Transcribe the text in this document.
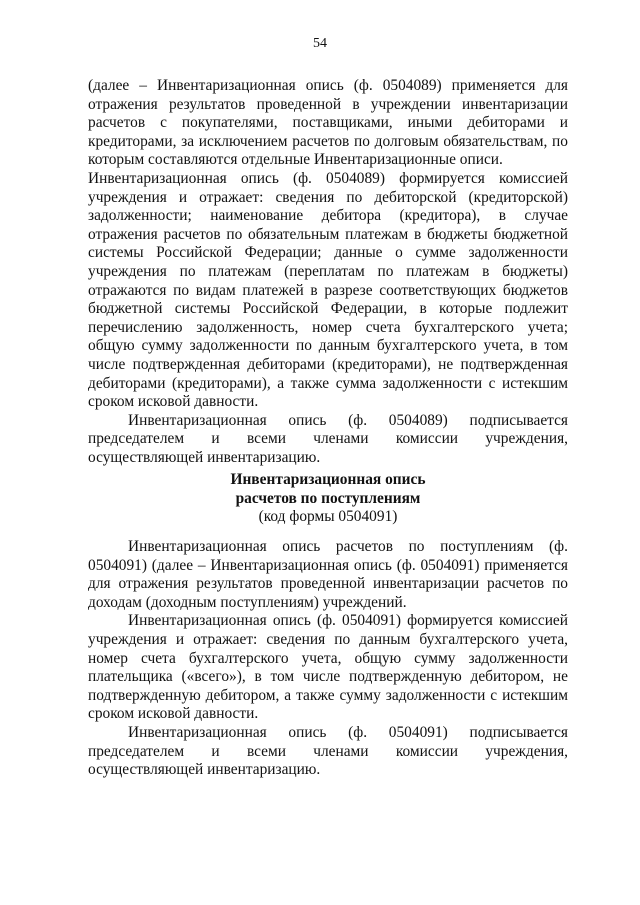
54

(далее – Инвентаризационная опись (ф. 0504089) применяется для отражения результатов проведенной в учреждении инвентаризации расчетов с покупателями, поставщиками, иными дебиторами и кредиторами, за исключением расчетов по долговым обязательствам, по которым составляются отдельные Инвентаризационные описи.

Инвентаризационная опись (ф. 0504089) формируется комиссией учреждения и отражает: сведения по дебиторской (кредиторской) задолженности; наименование дебитора (кредитора), в случае отражения расчетов по обязательным платежам в бюджеты бюджетной системы Российской Федерации; данные о сумме задолженности учреждения по платежам (переплатам по платежам в бюджеты) отражаются по видам платежей в разрезе соответствующих бюджетов бюджетной системы Российской Федерации, в которые подлежит перечислению задолженность, номер счета бухгалтерского учета; общую сумму задолженности по данным бухгалтерского учета, в том числе подтвержденная дебиторами (кредиторами), не подтвержденная дебиторами (кредиторами), а также сумма задолженности с истекшим сроком исковой давности.

Инвентаризационная опись (ф. 0504089) подписывается председателем и всеми членами комиссии учреждения, осуществляющей инвентаризацию.

Инвентаризационная опись
расчетов по поступлениям
(код формы 0504091)

Инвентаризационная опись расчетов по поступлениям (ф. 0504091) (далее – Инвентаризационная опись (ф. 0504091) применяется для отражения результатов проведенной инвентаризации расчетов по доходам (доходным поступлениям) учреждений.

Инвентаризационная опись (ф. 0504091) формируется комиссией учреждения и отражает: сведения по данным бухгалтерского учета, номер счета бухгалтерского учета, общую сумму задолженности плательщика («всего»), в том числе подтвержденную дебитором, не подтвержденную дебитором, а также сумму задолженности с истекшим сроком исковой давности.

Инвентаризационная опись (ф. 0504091) подписывается председателем и всеми членами комиссии учреждения, осуществляющей инвентаризацию.
